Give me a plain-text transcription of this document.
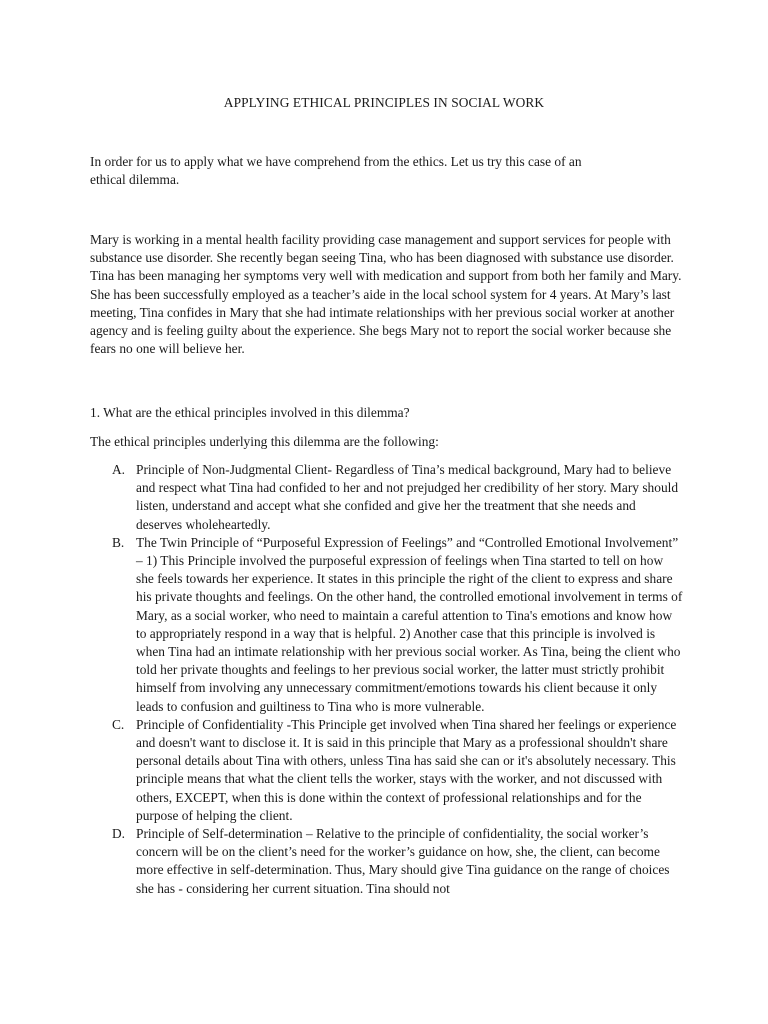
APPLYING ETHICAL PRINCIPLES IN SOCIAL WORK

In order for us to apply what we have comprehend from the ethics. Let us try this case of an ethical dilemma.

Mary is working in a mental health facility providing case management and support services for people with substance use disorder. She recently began seeing Tina, who has been diagnosed with substance use disorder. Tina has been managing her symptoms very well with medication and support from both her family and Mary. She has been successfully employed as a teacher’s aide in the local school system for 4 years. At Mary’s last meeting, Tina confides in Mary that she had intimate relationships with her previous social worker at another agency and is feeling guilty about the experience. She begs Mary not to report the social worker because she fears no one will believe her.

1. What are the ethical principles involved in this dilemma?

The ethical principles underlying this dilemma are the following:

A. Principle of Non-Judgmental Client- Regardless of Tina’s medical background, Mary had to believe and respect what Tina had confided to her and not prejudged her credibility of her story. Mary should listen, understand and accept what she confided and give her the treatment that she needs and deserves wholeheartedly.
B. The Twin Principle of “Purposeful Expression of Feelings” and “Controlled Emotional Involvement” – 1) This Principle involved the purposeful expression of feelings when Tina started to tell on how she feels towards her experience. It states in this principle the right of the client to express and share his private thoughts and feelings. On the other hand, the controlled emotional involvement in terms of Mary, as a social worker, who need to maintain a careful attention to Tina's emotions and know how to appropriately respond in a way that is helpful. 2) Another case that this principle is involved is when Tina had an intimate relationship with her previous social worker. As Tina, being the client who told her private thoughts and feelings to her previous social worker, the latter must strictly prohibit himself from involving any unnecessary commitment/emotions towards his client because it only leads to confusion and guiltiness to Tina who is more vulnerable.
C. Principle of Confidentiality -This Principle get involved when Tina shared her feelings or experience and doesn't want to disclose it. It is said in this principle that Mary as a professional shouldn't share personal details about Tina with others, unless Tina has said she can or it's absolutely necessary. This principle means that what the client tells the worker, stays with the worker, and not discussed with others, EXCEPT, when this is done within the context of professional relationships and for the purpose of helping the client.
D. Principle of Self-determination – Relative to the principle of confidentiality, the social worker’s concern will be on the client’s need for the worker’s guidance on how, she, the client, can become more effective in self-determination. Thus, Mary should give Tina guidance on the range of choices she has - considering her current situation. Tina should not
